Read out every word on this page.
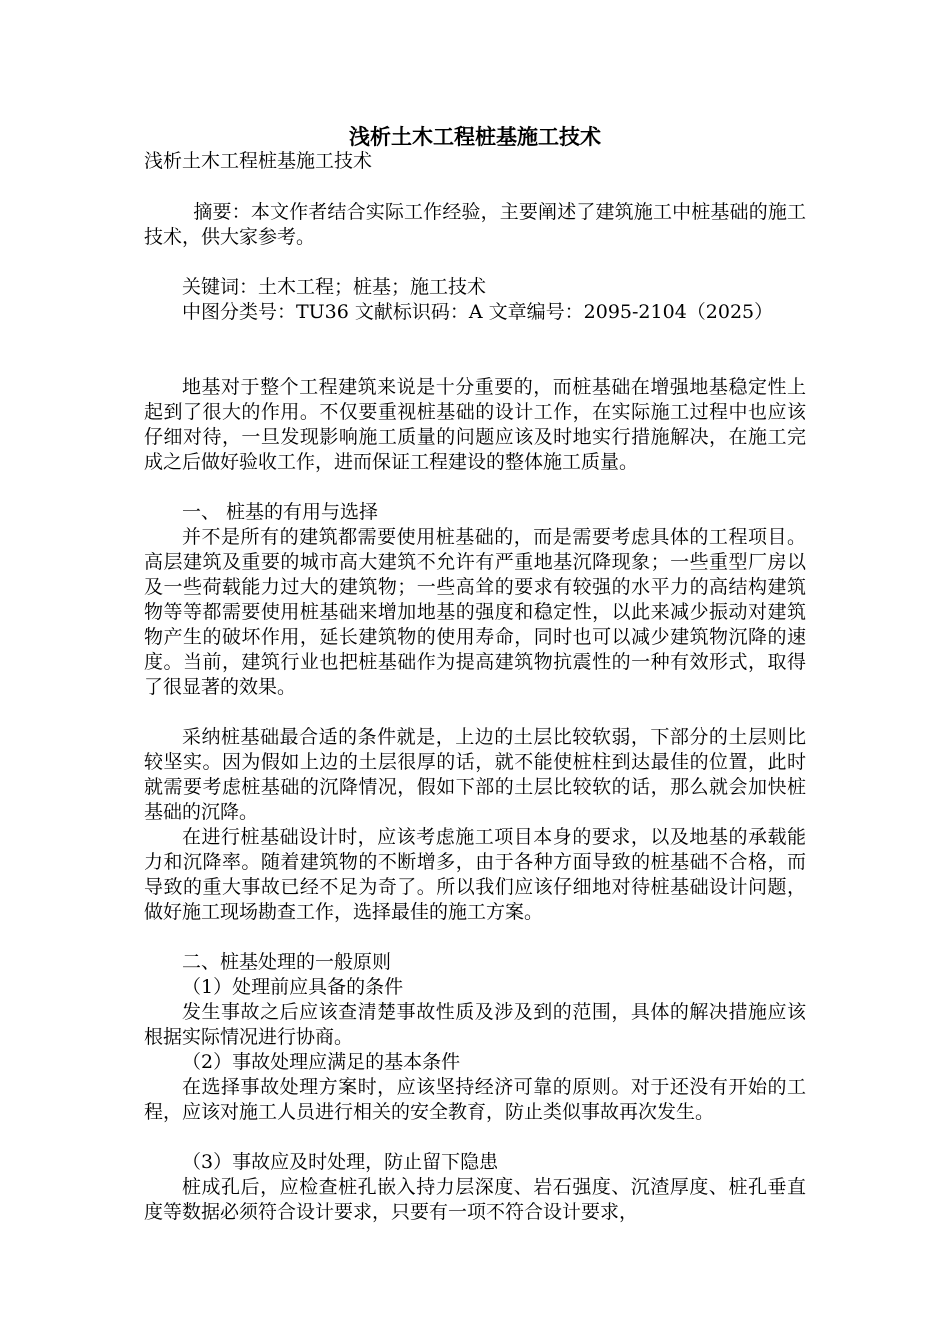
浅析土木工程桩基施工技术

浅析土木工程桩基施工技术

摘要：本文作者结合实际工作经验，主要阐述了建筑施工中桩基础的施工技术，供大家参考。

关键词：土木工程；桩基；施工技术

中图分类号：TU36 文献标识码：A 文章编号：2095-2104（2025）

地基对于整个工程建筑来说是十分重要的，而桩基础在增强地基稳定性上起到了很大的作用。不仅要重视桩基础的设计工作，在实际施工过程中也应该仔细对待，一旦发现影响施工质量的问题应该及时地实行措施解决，在施工完成之后做好验收工作，进而保证工程建设的整体施工质量。

一、 桩基的有用与选择

并不是所有的建筑都需要使用桩基础的，而是需要考虑具体的工程项目。高层建筑及重要的城市高大建筑不允许有严重地基沉降现象；一些重型厂房以及一些荷载能力过大的建筑物；一些高耸的要求有较强的水平力的高结构建筑物等等都需要使用桩基础来增加地基的强度和稳定性，以此来减少振动对建筑物产生的破坏作用，延长建筑物的使用寿命，同时也可以减少建筑物沉降的速度。当前，建筑行业也把桩基础作为提高建筑物抗震性的一种有效形式，取得了很显著的效果。

采纳桩基础最合适的条件就是，上边的土层比较软弱，下部分的土层则比较坚实。因为假如上边的土层很厚的话，就不能使桩柱到达最佳的位置，此时就需要考虑桩基础的沉降情况，假如下部的土层比较软的话，那么就会加快桩基础的沉降。

在进行桩基础设计时，应该考虑施工项目本身的要求，以及地基的承载能力和沉降率。随着建筑物的不断增多，由于各种方面导致的桩基础不合格，而导致的重大事故已经不足为奇了。所以我们应该仔细地对待桩基础设计问题，做好施工现场勘查工作，选择最佳的施工方案。

二、桩基处理的一般原则

（1）处理前应具备的条件

发生事故之后应该查清楚事故性质及涉及到的范围，具体的解决措施应该根据实际情况进行协商。

（2）事故处理应满足的基本条件

在选择事故处理方案时，应该坚持经济可靠的原则。对于还没有开始的工程，应该对施工人员进行相关的安全教育，防止类似事故再次发生。

（3）事故应及时处理，防止留下隐患

桩成孔后，应检查桩孔嵌入持力层深度、岩石强度、沉渣厚度、桩孔垂直度等数据必须符合设计要求，只要有一项不符合设计要求，
